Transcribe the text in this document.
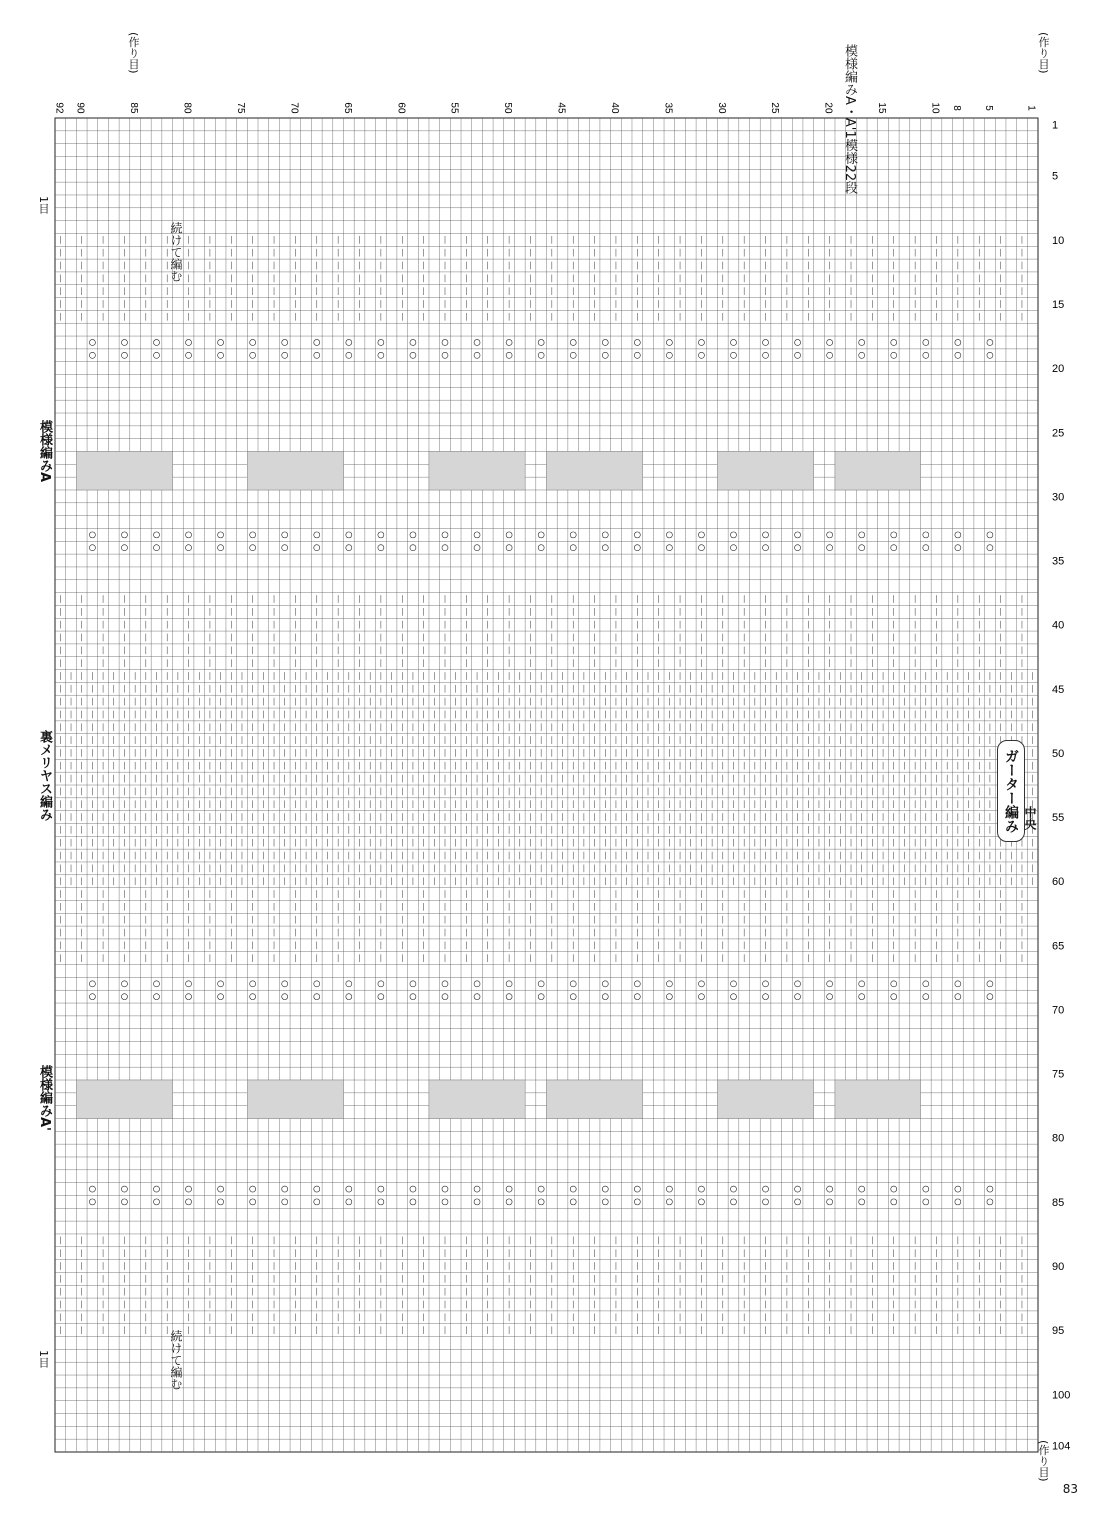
1
5
10
15
20
25
30
35
40
45
50
55
60
65
70
75
80
85
90
95
100
104
1
5
8
10
15
20
25
30
35
40
45
50
55
60
65
70
75
80
85
90
92
模様編みA
裏メリヤス編み
模様編みA'
ガーター編み 中央
続けて編む
続けて編む
(作り目)	(作り目)
(作り目)
1目
1目
模様編みA・A'1模様22段
83
